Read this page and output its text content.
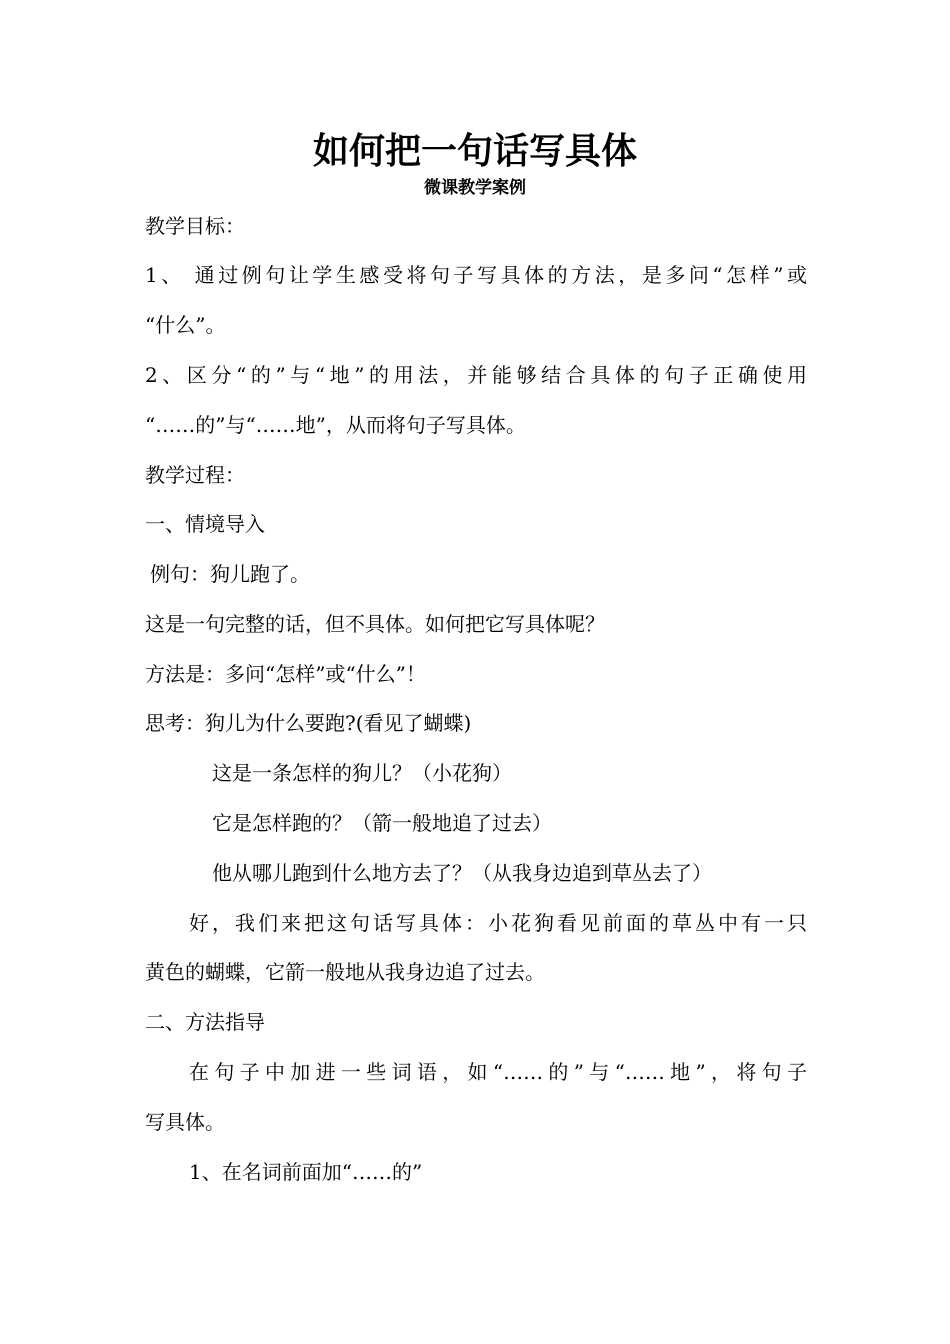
如何把一句话写具体
微课教学案例
教学目标：
1、 通过例句让学生感受将句子写具体的方法，是多问“怎样”或
“什么”。
2、区分“的”与“地”的用法，并能够结合具体的句子正确使用
“……的”与“……地”，从而将句子写具体。
教学过程：
一、情境导入
例句：狗儿跑了。
这是一句完整的话，但不具体。如何把它写具体呢？
方法是：多问“怎样”或“什么”！
思考：狗儿为什么要跑?(看见了蝴蝶)
这是一条怎样的狗儿？（小花狗）
它是怎样跑的？（箭一般地追了过去）
他从哪儿跑到什么地方去了？（从我身边追到草丛去了）
好，我们来把这句话写具体：小花狗看见前面的草丛中有一只
黄色的蝴蝶，它箭一般地从我身边追了过去。
二、方法指导
在句子中加进一些词语，如“……的”与“……地”，将句子
写具体。
1、在名词前面加“……的”
